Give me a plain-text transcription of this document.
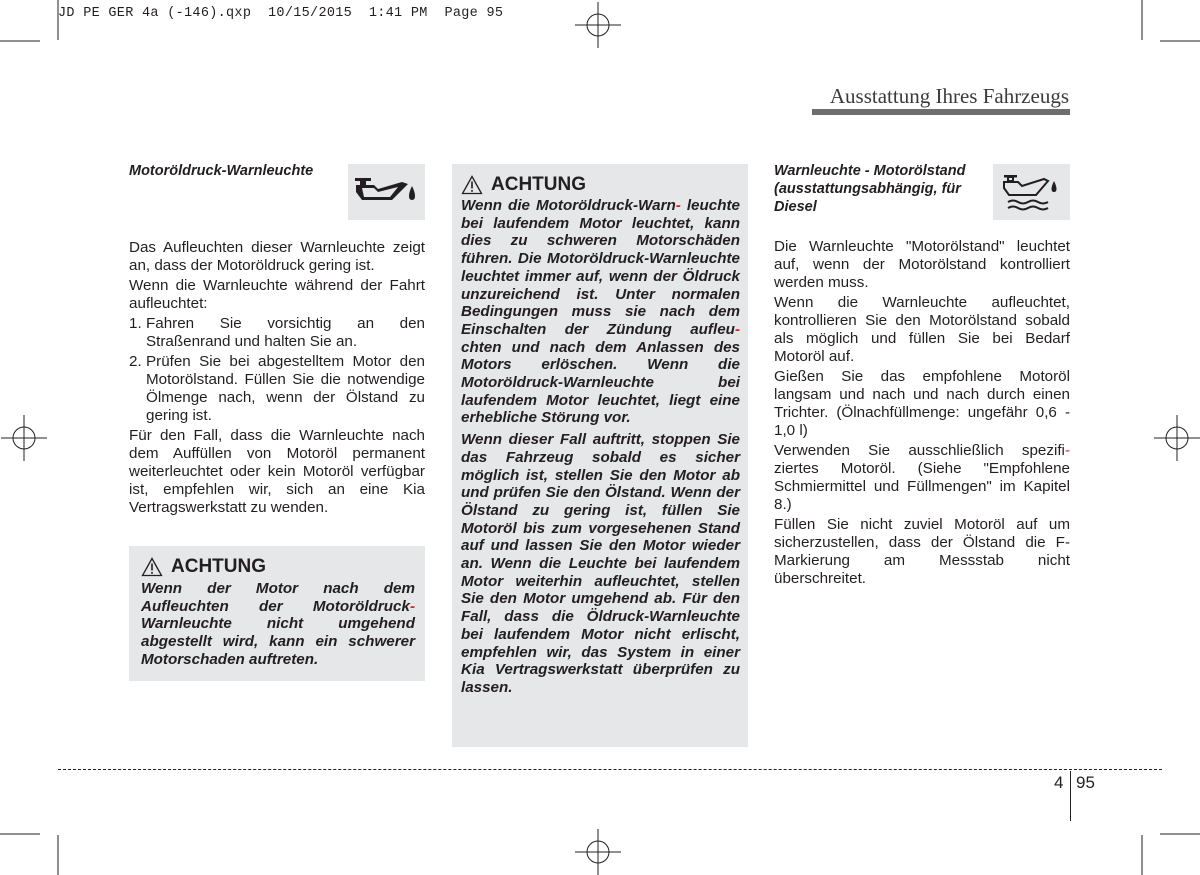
JD PE GER 4a (-146).qxp  10/15/2015  1:41 PM  Page 95
Ausstattung Ihres Fahrzeugs
Motoröldruck-Warnleuchte

Das Aufleuchten dieser Warnleuchte zeigt an, dass der Motoröldruck gering ist.

Wenn die Warnleuchte während der Fahrt aufleuchtet:

1. Fahren Sie vorsichtig an den Straßenrand und halten Sie an.
2. Prüfen Sie bei abgestelltem Motor den Motorölstand. Füllen Sie die notwendige Ölmenge nach, wenn der Ölstand zu gering ist.

Für den Fall, dass die Warnleuchte nach dem Auffüllen von Motoröl permanent weiterleuchtet oder kein Motoröl verfügbar ist, empfehlen wir, sich an eine Kia Vertragswerkstatt zu wenden.

ACHTUNG

Wenn der Motor nach dem Aufleuchten der Motoröldruck- Warnleuchte nicht umgehend abgestellt wird, kann ein schwerer Motorschaden auftreten.

ACHTUNG

Wenn die Motoröldruck-Warn- leuchte bei laufendem Motor leuchtet, kann dies zu schweren Motorschäden führen. Die Motoröldruck-Warnleuchte leuchtet immer auf, wenn der Öldruck unzureichend ist. Unter normalen Bedingungen muss sie nach dem Einschalten der Zündung aufleu- chten und nach dem Anlassen des Motors erlöschen. Wenn die Motoröldruck-Warnleuchte bei laufendem Motor leuchtet, liegt eine erhebliche Störung vor.

Wenn dieser Fall auftritt, stoppen Sie das Fahrzeug sobald es sicher möglich ist, stellen Sie den Motor ab und prüfen Sie den Ölstand. Wenn der Ölstand zu gering ist, füllen Sie Motoröl bis zum vorgesehenen Stand auf und lassen Sie den Motor wieder an. Wenn die Leuchte bei laufendem Motor weiterhin aufleuchtet, stellen Sie den Motor umgehend ab. Für den Fall, dass die Öldruck-Warnleuchte bei laufendem Motor nicht erlischt, empfehlen wir, das System in einer Kia Vertragswerkstatt überprüfen zu lassen.

Warnleuchte - Motorölstand (ausstattungsabhängig, für Diesel

Die Warnleuchte "Motorölstand" leuchtet auf, wenn der Motorölstand kontrolliert werden muss.

Wenn die Warnleuchte aufleuchtet, kontrollieren Sie den Motorölstand sobald als möglich und füllen Sie bei Bedarf Motoröl auf.

Gießen Sie das empfohlene Motoröl langsam und nach und nach durch einen Trichter. (Ölnachfüllmenge: ungefähr 0,6 - 1,0 l)

Verwenden Sie ausschließlich spezifi- ziertes Motoröl. (Siehe "Empfohlene Schmiermittel und Füllmengen" im Kapitel 8.)

Füllen Sie nicht zuviel Motoröl auf um sicherzustellen, dass der Ölstand die F-Markierung am Messstab nicht überschreitet.

4 95
